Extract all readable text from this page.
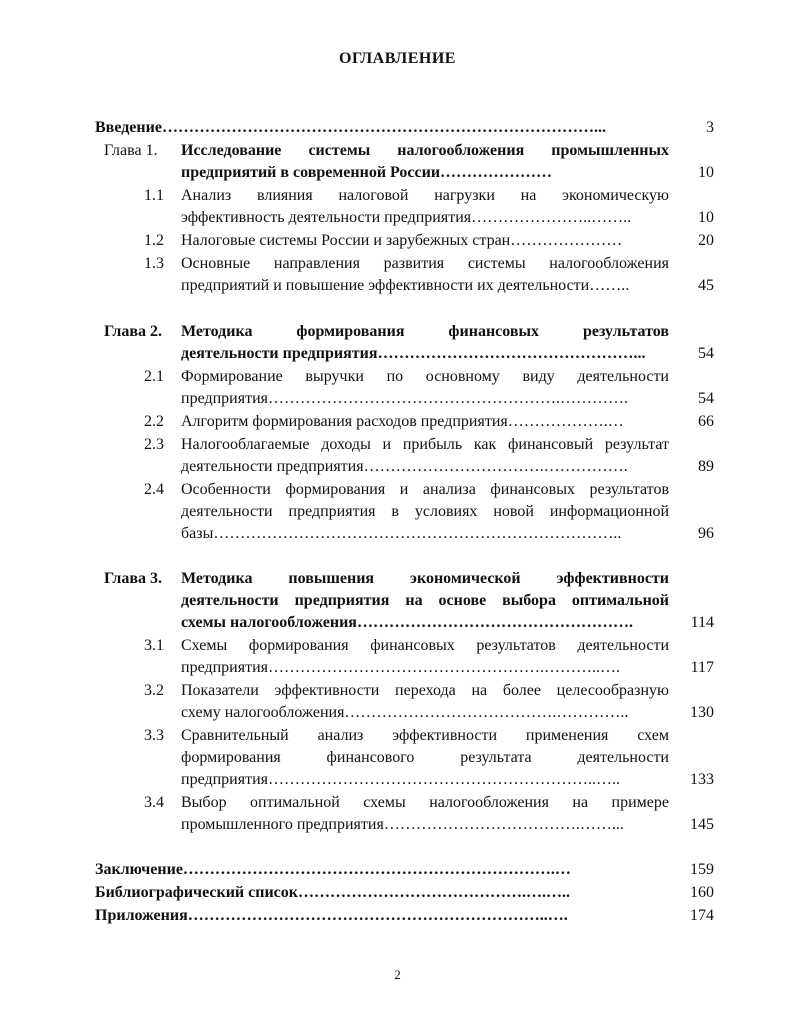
ОГЛАВЛЕНИЕ
Введение………………………………………………………………………...	3
Глава 1. Исследование системы налогообложения промышленных
предприятий в современной России…………………	10
1.1 Анализ влияния налоговой нагрузки на экономическую
эффективность деятельности предприятия…………………..……..	10
1.2 Налоговые системы России и зарубежных стран…………………	20
1.3 Основные направления развития системы налогообложения
предприятий и повышение эффективности их деятельности……..	45
Глава 2. Методика формирования финансовых результатов
деятельности предприятия…………………………………………...	54
2.1 Формирование выручки по основному виду деятельности
предприятия……………………………………………….………….	54
2.2 Алгоритм формирования расходов предприятия……………….…	66
2.3 Налогооблагаемые доходы и прибыль как финансовый результат
деятельности предприятия…………………………….…………….	89
2.4 Особенности формирования и анализа финансовых результатов
деятельности предприятия в условиях новой информационной
базы…………………………………………………………………..	96
Глава 3. Методика повышения экономической эффективности
деятельности предприятия на основе выбора оптимальной
схемы налогообложения…………………………………………….	114
3.1 Схемы формирования финансовых результатов деятельности
предприятия…………………………………………….………..….	117
3.2 Показатели эффективности перехода на более целесообразную
схему налогообложения………………………………….…………..	130
3.3 Сравнительный анализ эффективности применения схем
формирования финансового результата деятельности
предприятия……………………………………………………..…..	133
3.4 Выбор оптимальной схемы налогообложения на примере
промышленного предприятия……………………………….……...	145
Заключение…………………………………………………………….…	159
Библиографический список…………………………………….….…..	160
Приложения…………………………………………………………..….	174
2
